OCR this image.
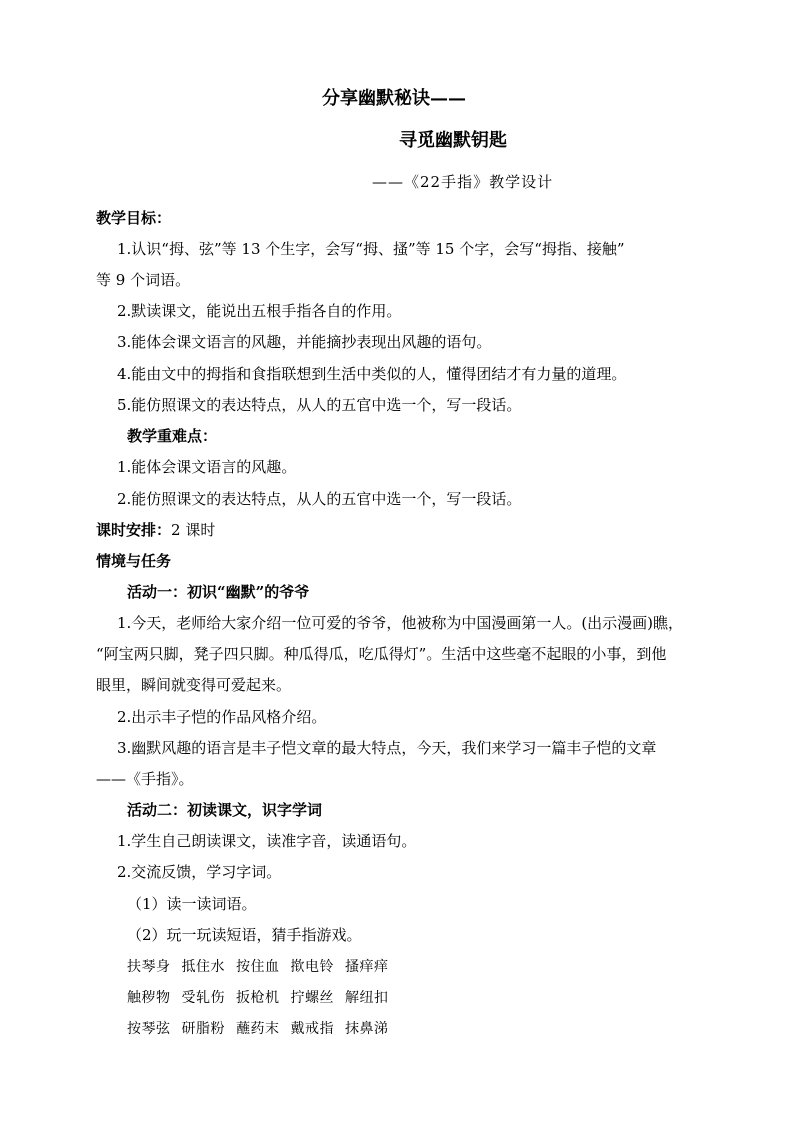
分享幽默秘诀——
寻觅幽默钥匙
——《22手指》教学设计
教学目标：
1.认识“拇、弦”等 13 个生字，会写“拇、搔”等 15 个字，会写“拇指、接触”
等 9 个词语。
2.默读课文，能说出五根手指各自的作用。
3.能体会课文语言的风趣，并能摘抄表现出风趣的语句。
4.能由文中的拇指和食指联想到生活中类似的人，懂得团结才有力量的道理。
5.能仿照课文的表达特点，从人的五官中选一个，写一段话。
教学重难点：
1.能体会课文语言的风趣。
2.能仿照课文的表达特点，从人的五官中选一个，写一段话。
课时安排：2 课时
情境与任务
活动一：初识“幽默”的爷爷
1.今天，老师给大家介绍一位可爱的爷爷，他被称为中国漫画第一人。(出示漫画)瞧，
“阿宝两只脚，凳子四只脚。种瓜得瓜，吃瓜得灯”。生活中这些毫不起眼的小事，到他
眼里，瞬间就变得可爱起来。
2.出示丰子恺的作品风格介绍。
3.幽默风趣的语言是丰子恺文章的最大特点，今天，我们来学习一篇丰子恺的文章
——《手指》。
活动二：初读课文，识字学词
1.学生自己朗读课文，读准字音，读通语句。
2.交流反馈，学习字词。
（1）读一读词语。
（2）玩一玩读短语，猜手指游戏。
扶琴身 抵住水 按住血 揿电铃 搔痒痒
触秽物 受轧伤 扳枪机 拧螺丝 解纽扣
按琴弦 研脂粉 蘸药末 戴戒指 抹鼻涕
